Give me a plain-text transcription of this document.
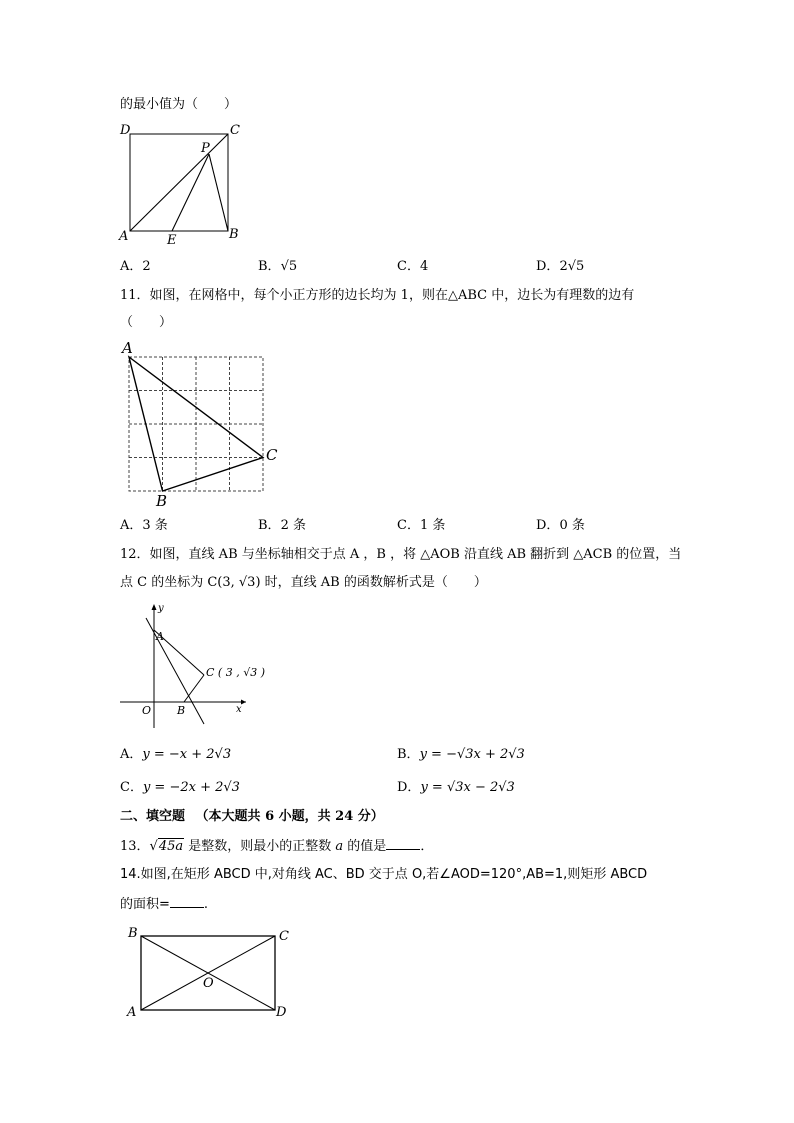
的最小值为（　　）
D	C
P
A	E	B
A．2	B．√5	C．4	D．2√5
11．如图，在网格中，每个小正方形的边长均为 1，则在△ABC 中，边长为有理数的边有
（　　）
A
C
B
A．3 条	B．2 条	C．1 条	D．0 条
12．如图，直线 AB 与坐标轴相交于点 A ，B ，将 △AOB 沿直线 AB 翻折到 △ACB 的位置，当
点 C 的坐标为 C(3, √3) 时，直线 AB 的函数解析式是（　　）
y
x
O
A
B
C ( 3 , √3 )
A．y = −x + 2√3	B．y = −√3x + 2√3
C．y = −2x + 2√3	D．y = √3x − 2√3
二、填空题 （本大题共 6 小题，共 24 分）
13．√45a 是整数，则最小的正整数 a 的值是	．
14.如图,在矩形 ABCD 中,对角线 AC、BD 交于点 O,若∠AOD=120°,AB=1,则矩形 ABCD
的面积=	.
B	C
O
A	D
